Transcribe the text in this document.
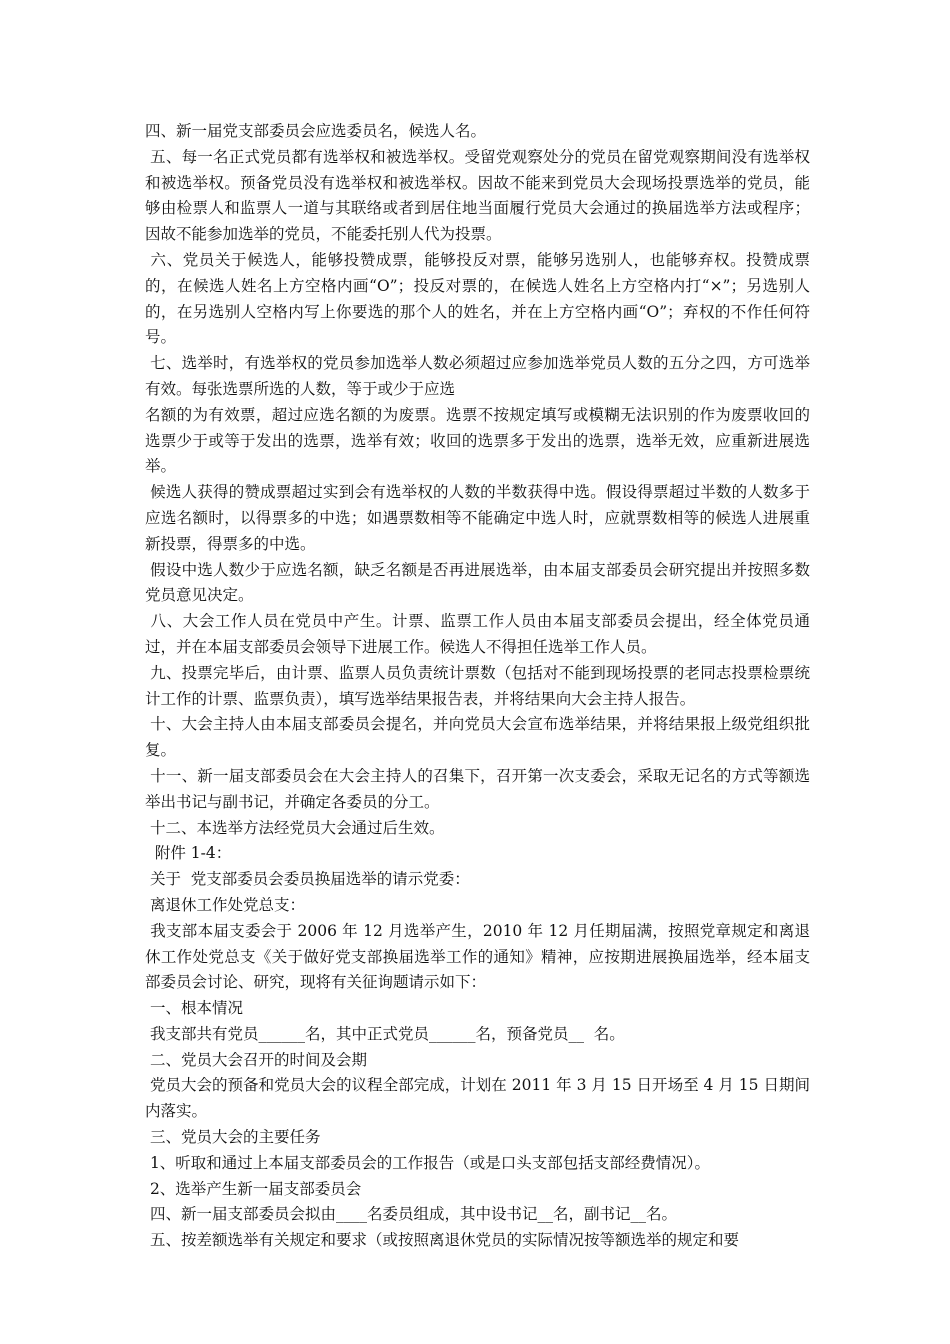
四、新一届党支部委员会应选委员名，候选人名。

五、每一名正式党员都有选举权和被选举权。受留党观察处分的党员在留党观察期间没有选举权和被选举权。预备党员没有选举权和被选举权。因故不能来到党员大会现场投票选举的党员，能够由检票人和监票人一道与其联络或者到居住地当面履行党员大会通过的换届选举方法或程序；因故不能参加选举的党员，不能委托别人代为投票。

六、党员关于候选人，能够投赞成票，能够投反对票，能够另选别人，也能够弃权。投赞成票的，在候选人姓名上方空格内画“O”；投反对票的，在候选人姓名上方空格内打“×”；另选别人的，在另选别人空格内写上你要选的那个人的姓名，并在上方空格内画“O”；弃权的不作任何符号。

七、选举时，有选举权的党员参加选举人数必须超过应参加选举党员人数的五分之四，方可选举有效。每张选票所选的人数，等于或少于应选

名额的为有效票，超过应选名额的为废票。选票不按规定填写或模糊无法识别的作为废票收回的选票少于或等于发出的选票，选举有效；收回的选票多于发出的选票，选举无效，应重新进展选举。

候选人获得的赞成票超过实到会有选举权的人数的半数获得中选。假设得票超过半数的人数多于应选名额时，以得票多的中选；如遇票数相等不能确定中选人时，应就票数相等的候选人进展重新投票，得票多的中选。

假设中选人数少于应选名额，缺乏名额是否再进展选举，由本届支部委员会研究提出并按照多数党员意见决定。

八、大会工作人员在党员中产生。计票、监票工作人员由本届支部委员会提出，经全体党员通过，并在本届支部委员会领导下进展工作。候选人不得担任选举工作人员。

九、投票完毕后，由计票、监票人员负责统计票数（包括对不能到现场投票的老同志投票检票统计工作的计票、监票负责），填写选举结果报告表，并将结果向大会主持人报告。

十、大会主持人由本届支部委员会提名，并向党员大会宣布选举结果，并将结果报上级党组织批复。

十一、新一届支部委员会在大会主持人的召集下，召开第一次支委会，采取无记名的方式等额选举出书记与副书记，并确定各委员的分工。

十二、本选举方法经党员大会通过后生效。

附件 1-4：

关于  党支部委员会委员换届选举的请示党委：

离退休工作处党总支：

我支部本届支委会于 2006 年 12 月选举产生，2010 年 12 月任期届满，按照党章规定和离退休工作处党总支《关于做好党支部换届选举工作的通知》精神，应按期进展换届选举，经本届支部委员会讨论、研究，现将有关征询题请示如下：

一、根本情况

我支部共有党员______名，其中正式党员______名，预备党员__  名。

二、党员大会召开的时间及会期

党员大会的预备和党员大会的议程全部完成，计划在 2011 年 3 月 15 日开场至 4 月 15 日期间内落实。

三、党员大会的主要任务

1、听取和通过上本届支部委员会的工作报告（或是口头支部包括支部经费情况）。

2、选举产生新一届支部委员会

四、新一届支部委员会拟由____名委员组成，其中设书记__名，副书记__名。

五、按差额选举有关规定和要求（或按照离退休党员的实际情况按等额选举的规定和要
